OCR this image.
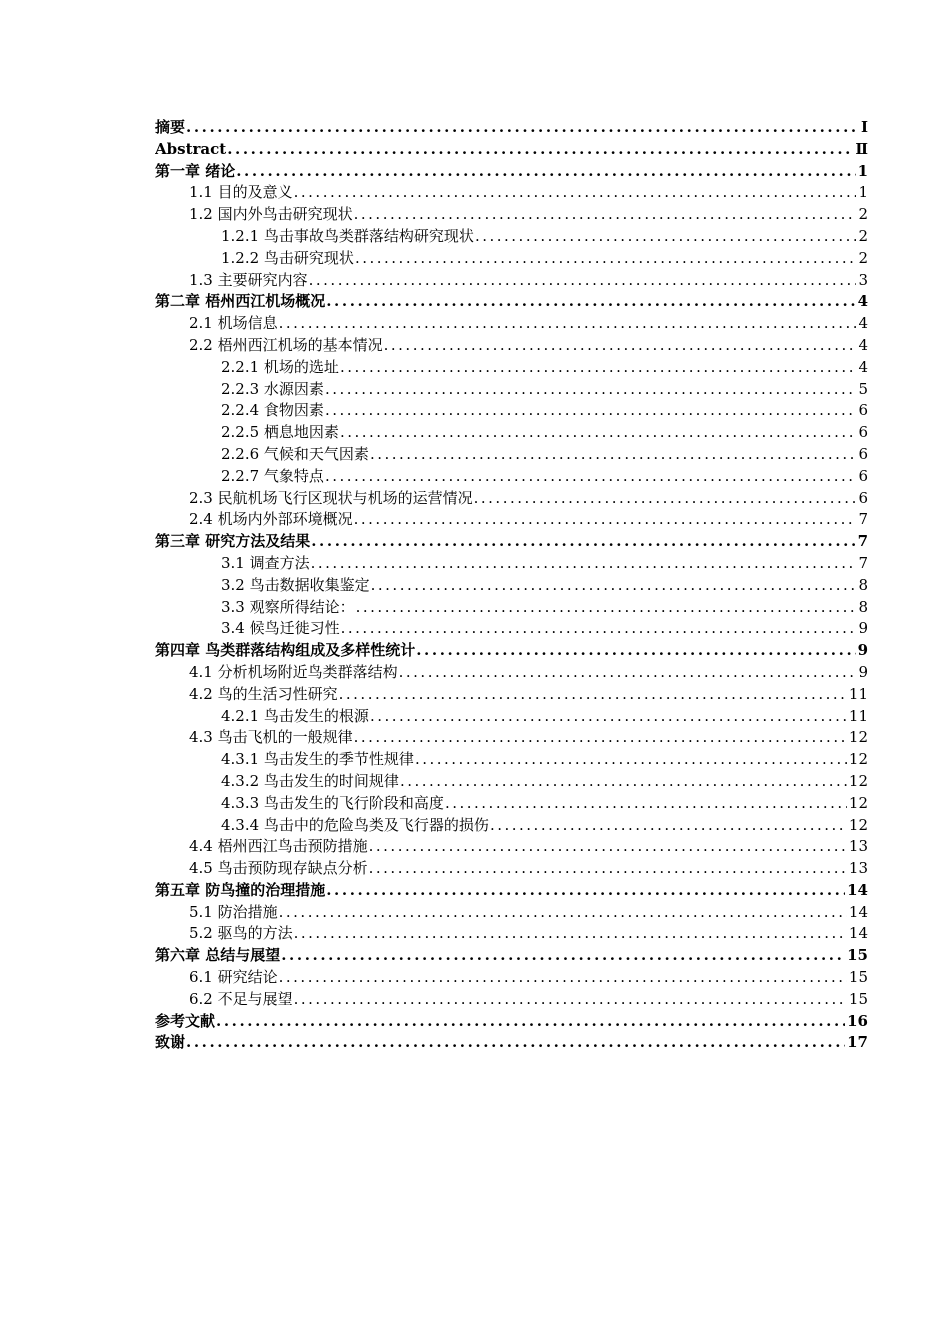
摘要 .....	Ⅰ
Abstract .....	Ⅱ
第一章 绪论 .....	1
1.1 目的及意义 .....	1
1.2 国内外鸟击研究现状 .....	2
1.2.1 鸟击事故鸟类群落结构研究现状 .....	2
1.2.2 鸟击研究现状 .....	2
1.3 主要研究内容 .....	3
第二章 梧州西江机场概况 .....	4
2.1 机场信息 .....	4
2.2 梧州西江机场的基本情况 .....	4
2.2.1 机场的选址 .....	4
2.2.3 水源因素 .....	5
2.2.4 食物因素 .....	6
2.2.5 栖息地因素 .....	6
2.2.6 气候和天气因素 .....	6
2.2.7 气象特点 .....	6
2.3 民航机场飞行区现状与机场的运营情况 .....	6
2.4 机场内外部环境概况 .....	7
第三章 研究方法及结果 .....	7
3.1 调查方法 .....	7
3.2 鸟击数据收集鉴定 .....	8
3.3 观察所得结论： .....	8
3.4 候鸟迁徙习性 .....	9
第四章 鸟类群落结构组成及多样性统计 .....	9
4.1 分析机场附近鸟类群落结构 .....	9
4.2 鸟的生活习性研究 .....	11
4.2.1 鸟击发生的根源 .....	11
4.3 鸟击飞机的一般规律 .....	12
4.3.1 鸟击发生的季节性规律 .....	12
4.3.2 鸟击发生的时间规律 .....	12
4.3.3 鸟击发生的飞行阶段和高度 .....	12
4.3.4 鸟击中的危险鸟类及飞行器的损伤 .....	12
4.4 梧州西江鸟击预防措施 .....	13
4.5 鸟击预防现存缺点分析 .....	13
第五章 防鸟撞的治理措施 .....	14
5.1 防治措施 .....	14
5.2 驱鸟的方法 .....	14
第六章 总结与展望 .....	15
6.1 研究结论 .....	15
6.2 不足与展望 .....	15
参考文献 .....	16
致谢 .....	17
